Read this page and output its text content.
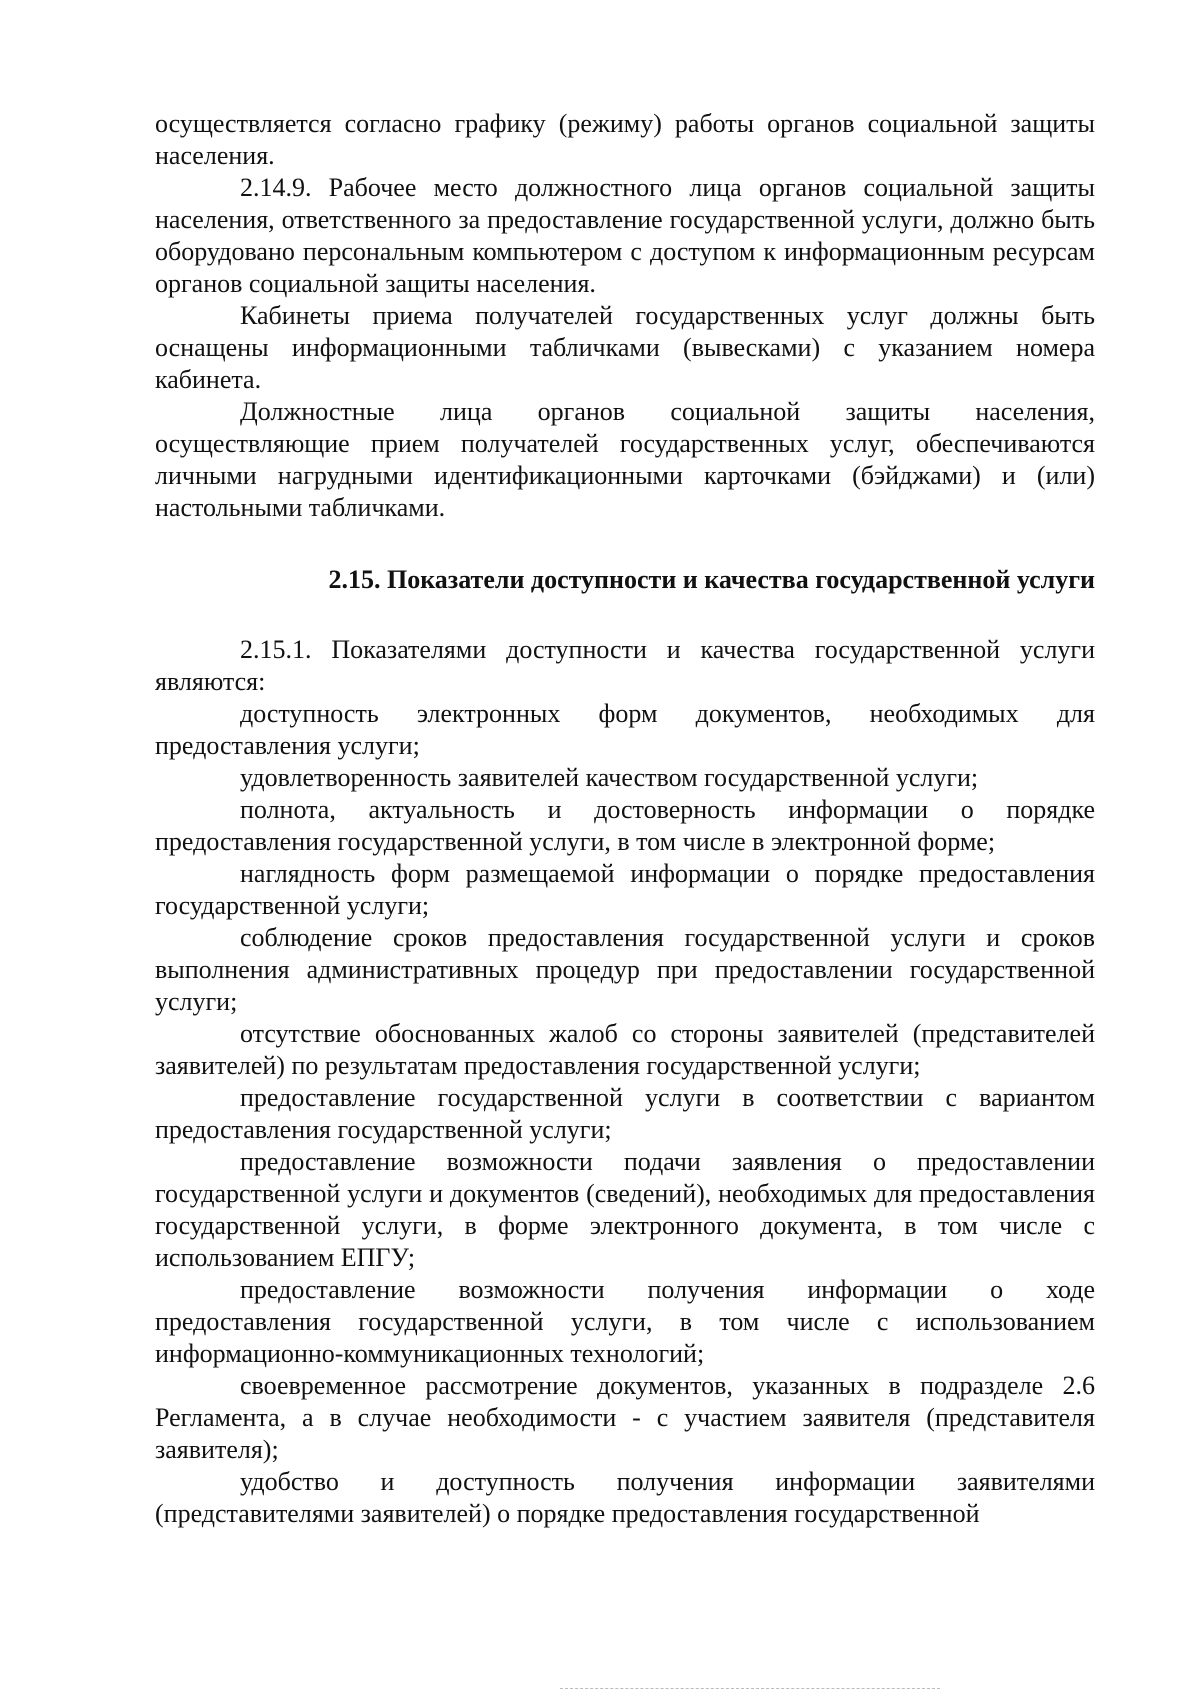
осуществляется согласно графику (режиму) работы органов социальной защиты населения.

2.14.9. Рабочее место должностного лица органов социальной защиты населения, ответственного за предоставление государственной услуги, должно быть оборудовано персональным компьютером с доступом к информационным ресурсам органов социальной защиты населения.

Кабинеты приема получателей государственных услуг должны быть оснащены информационными табличками (вывесками) с указанием номера кабинета.

Должностные лица органов социальной защиты населения, осуществляющие прием получателей государственных услуг, обеспечиваются личными нагрудными идентификационными карточками (бэйджами) и (или) настольными табличками.

2.15. Показатели доступности и качества государственной услуги

2.15.1. Показателями доступности и качества государственной услуги являются:

доступность электронных форм документов, необходимых для предоставления услуги;

удовлетворенность заявителей качеством государственной услуги;

полнота, актуальность и достоверность информации о порядке предоставления государственной услуги, в том числе в электронной форме;

наглядность форм размещаемой информации о порядке предоставления государственной услуги;

соблюдение сроков предоставления государственной услуги и сроков выполнения административных процедур при предоставлении государственной услуги;

отсутствие обоснованных жалоб со стороны заявителей (представителей заявителей) по результатам предоставления государственной услуги;

предоставление государственной услуги в соответствии с вариантом предоставления государственной услуги;

предоставление возможности подачи заявления о предоставлении государственной услуги и документов (сведений), необходимых для предоставления государственной услуги, в форме электронного документа, в том числе с использованием ЕПГУ;

предоставление возможности получения информации о ходе предоставления государственной услуги, в том числе с использованием информационно-коммуникационных технологий;

своевременное рассмотрение документов, указанных в подразделе 2.6 Регламента, а в случае необходимости - с участием заявителя (представителя заявителя);

удобство и доступность получения информации заявителями (представителями заявителей) о порядке предоставления государственной
